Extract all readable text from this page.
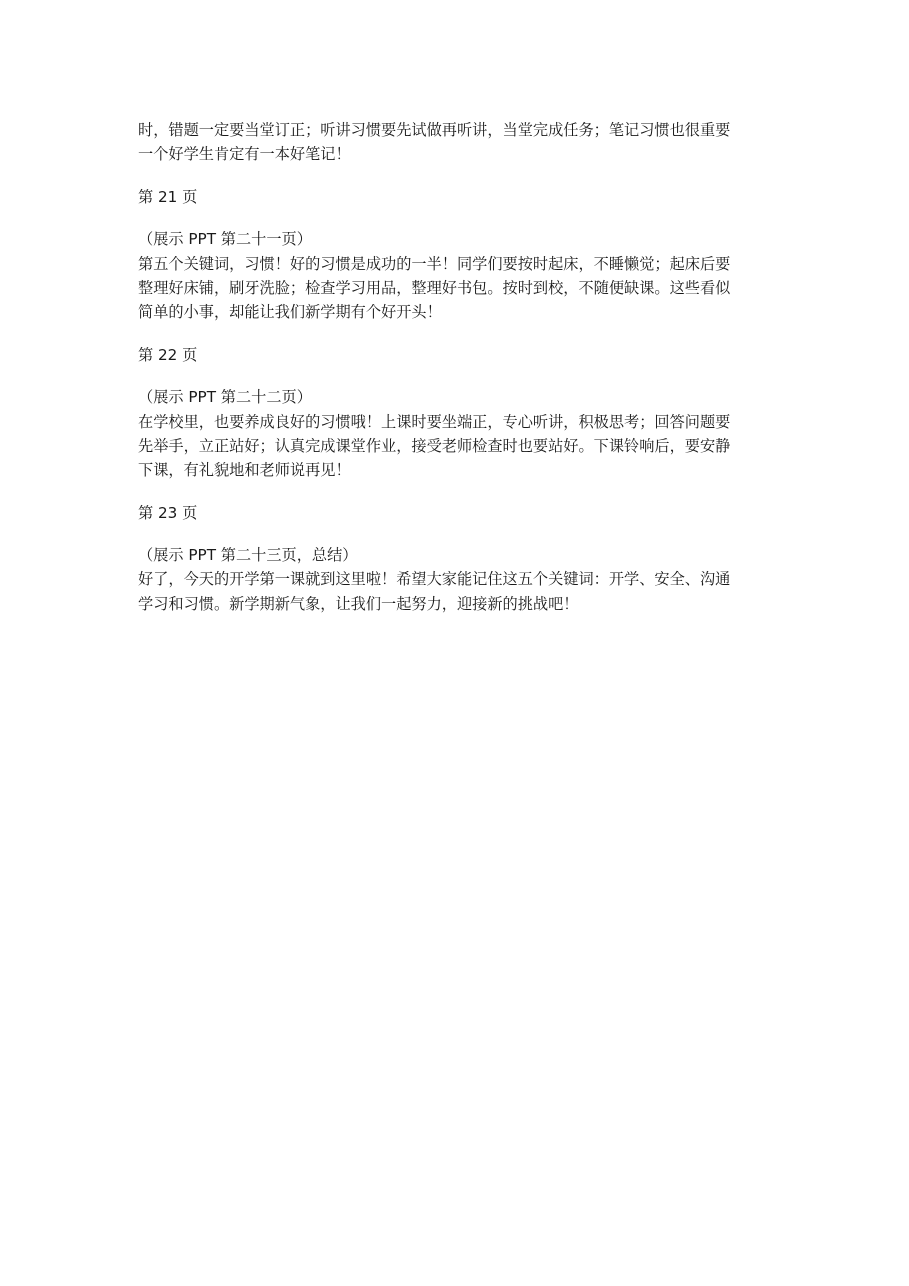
时，错题一定要当堂订正；听讲习惯要先试做再听讲，当堂完成任务；笔记习惯也很重要
一个好学生肯定有一本好笔记！
第 21 页
（展示 PPT 第二十一页）
第五个关键词，习惯！好的习惯是成功的一半！同学们要按时起床，不睡懒觉；起床后要
整理好床铺，刷牙洗脸；检查学习用品，整理好书包。按时到校，不随便缺课。这些看似
简单的小事，却能让我们新学期有个好开头！
第 22 页
（展示 PPT 第二十二页）
在学校里，也要养成良好的习惯哦！上课时要坐端正，专心听讲，积极思考；回答问题要
先举手，立正站好；认真完成课堂作业，接受老师检查时也要站好。下课铃响后，要安静
下课，有礼貌地和老师说再见！
第 23 页
（展示 PPT 第二十三页，总结）
好了，今天的开学第一课就到这里啦！希望大家能记住这五个关键词：开学、安全、沟通
学习和习惯。新学期新气象，让我们一起努力，迎接新的挑战吧！
